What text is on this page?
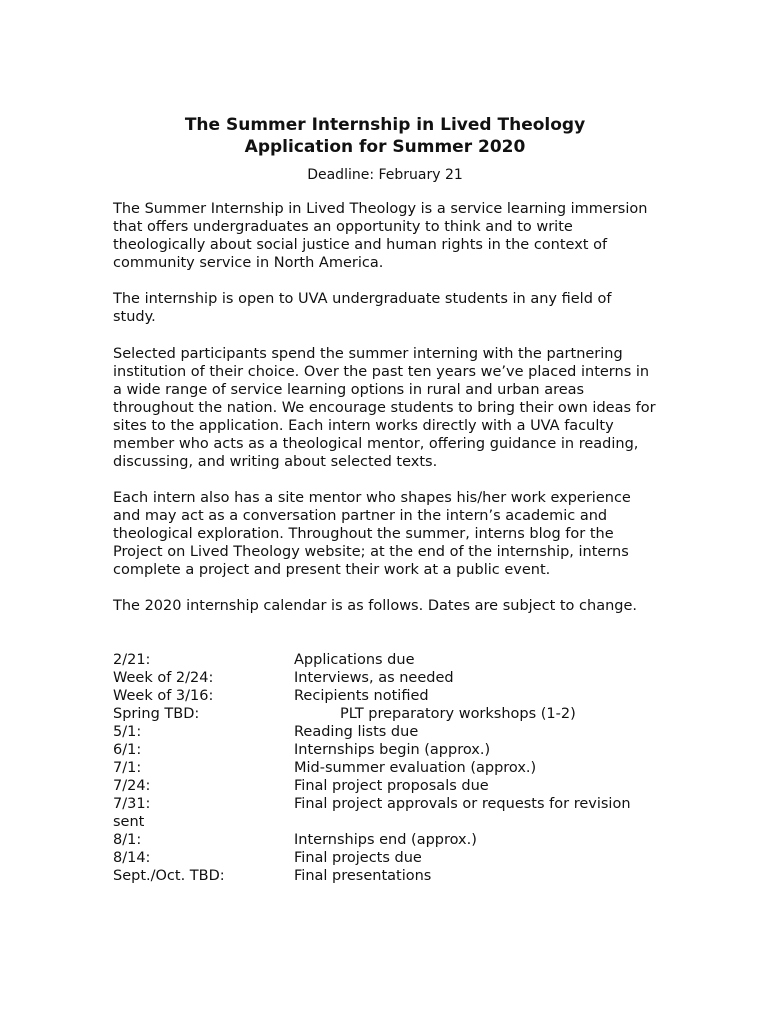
The Summer Internship in Lived Theology
Application for Summer 2020

Deadline: February 21

The Summer Internship in Lived Theology is a service learning immersion that offers undergraduates an opportunity to think and to write theologically about social justice and human rights in the context of community service in North America.

The internship is open to UVA undergraduate students in any field of study.

Selected participants spend the summer interning with the partnering institution of their choice. Over the past ten years we’ve placed interns in a wide range of service learning options in rural and urban areas throughout the nation. We encourage students to bring their own ideas for sites to the application. Each intern works directly with a UVA faculty member who acts as a theological mentor, offering guidance in reading, discussing, and writing about selected texts.

Each intern also has a site mentor who shapes his/her work experience and may act as a conversation partner in the intern’s academic and theological exploration. Throughout the summer, interns blog for the Project on Lived Theology website; at the end of the internship, interns complete a project and present their work at a public event.

The 2020 internship calendar is as follows. Dates are subject to change.

2/21:	Applications due
Week of 2/24:	Interviews, as needed
Week of 3/16:	Recipients notified
Spring TBD:	PLT preparatory workshops (1-2)
5/1:	Reading lists due
6/1:	Internships begin (approx.)
7/1:	Mid-summer evaluation (approx.)
7/24:	Final project proposals due
7/31:	Final project approvals or requests for revision
sent
8/1:	Internships end (approx.)
8/14:	Final projects due
Sept./Oct. TBD:	Final presentations
